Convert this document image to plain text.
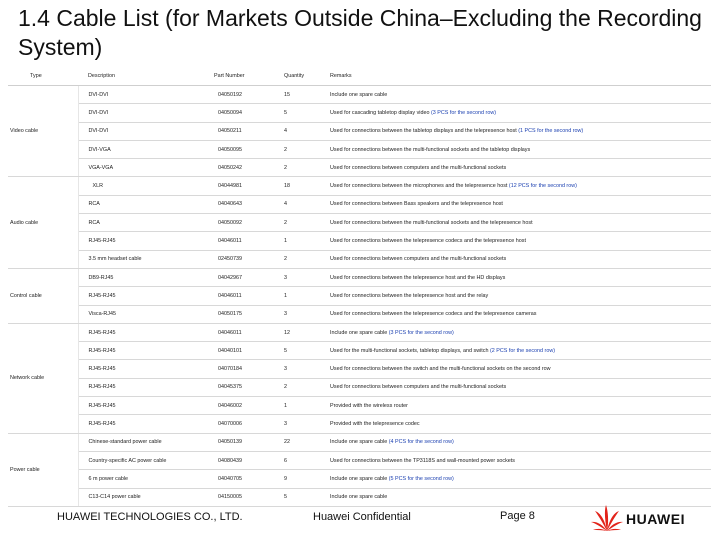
1.4 Cable List (for Markets Outside China–Excluding the Recording System)
Type	Description	Part Number	Quantity	Remarks
Video cable	DVI-DVI	04050192	15	Include one spare cable
	DVI-DVI	04050094	5	Used for cascading tabletop display video (3 PCS for the second row)
	DVI-DVI	04050211	4	Used for connections between the tabletop displays and the telepresence host (1 PCS for the second row)
	DVI-VGA	04050095	2	Used for connections between the multi-functional sockets and the tabletop displays
	VGA-VGA	04050242	2	Used for connections between computers and the multi-functional sockets
Audio cable	XLR	04044981	18	Used for connections between the microphones and the telepresence host (12 PCS for the second row)
	RCA	04040643	4	Used for connections between Bass speakers and the telepresence host
	RCA	04050092	2	Used for connections between the multi-functional sockets and the telepresence host
	RJ45-RJ45	04046011	1	Used for connections between the telepresence codecs and the telepresence host
	3.5 mm headset cable	02450739	2	Used for connections between computers and the multi-functional sockets
Control cable	DB9-RJ45	04042967	3	Used for connections between the telepresence host and the HD displays
	RJ45-RJ45	04046011	1	Used for connections between the telepresence host and the relay
	Visca-RJ45	04050175	3	Used for connections between the telepresence codecs and the telepresence cameras
Network cable	RJ45-RJ45	04046011	12	Include one spare cable (3 PCS for the second row)
	RJ45-RJ45	04040101	5	Used for the multi-functional sockets, tabletop displays, and switch (2 PCS for the second row)
	RJ45-RJ45	04070184	3	Used for connections between the switch and the multi-functional sockets on the second row
	RJ45-RJ45	04045375	2	Used for connections between computers and the multi-functional sockets
	RJ45-RJ45	04046002	1	Provided with the wireless router
	RJ45-RJ45	04070006	3	Provided with the telepresence codec
Power cable	Chinese-standard power cable	04050139	22	Include one spare cable (4 PCS for the second row)
	Country-specific AC power cable	04080439	6	Used for connections between the TP3118S and wall-mounted power sockets
	6 m power cable	04040705	9	Include one spare cable (5 PCS for the second row)
	C13-C14 power cable	04150005	5	Include one spare cable
HUAWEI TECHNOLOGIES CO., LTD.	Huawei Confidential	Page 8	HUAWEI
